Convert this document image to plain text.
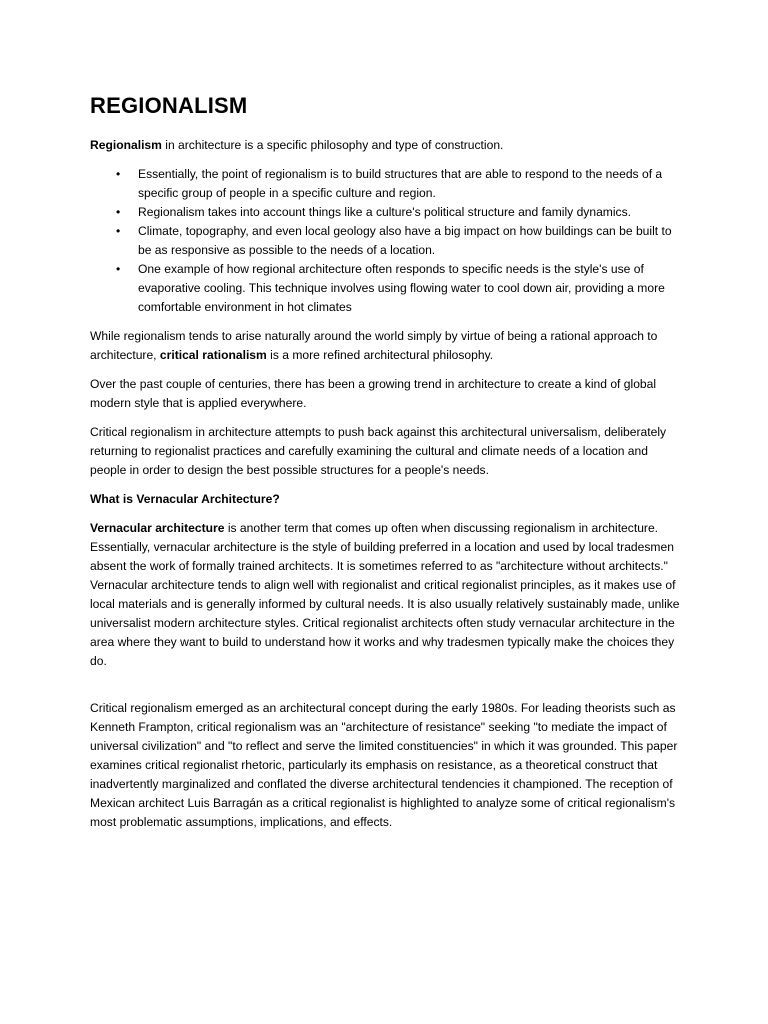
REGIONALISM

Regionalism in architecture is a specific philosophy and type of construction.

• Essentially, the point of regionalism is to build structures that are able to respond to the needs of a specific group of people in a specific culture and region.
• Regionalism takes into account things like a culture's political structure and family dynamics.
• Climate, topography, and even local geology also have a big impact on how buildings can be built to be as responsive as possible to the needs of a location.
• One example of how regional architecture often responds to specific needs is the style's use of evaporative cooling. This technique involves using flowing water to cool down air, providing a more comfortable environment in hot climates

While regionalism tends to arise naturally around the world simply by virtue of being a rational approach to architecture, critical rationalism is a more refined architectural philosophy.

Over the past couple of centuries, there has been a growing trend in architecture to create a kind of global modern style that is applied everywhere.

Critical regionalism in architecture attempts to push back against this architectural universalism, deliberately returning to regionalist practices and carefully examining the cultural and climate needs of a location and people in order to design the best possible structures for a people's needs.

What is Vernacular Architecture?

Vernacular architecture is another term that comes up often when discussing regionalism in architecture. Essentially, vernacular architecture is the style of building preferred in a location and used by local tradesmen absent the work of formally trained architects. It is sometimes referred to as "architecture without architects." Vernacular architecture tends to align well with regionalist and critical regionalist principles, as it makes use of local materials and is generally informed by cultural needs. It is also usually relatively sustainably made, unlike universalist modern architecture styles. Critical regionalist architects often study vernacular architecture in the area where they want to build to understand how it works and why tradesmen typically make the choices they do.

Critical regionalism emerged as an architectural concept during the early 1980s. For leading theorists such as Kenneth Frampton, critical regionalism was an "architecture of resistance" seeking "to mediate the impact of universal civilization" and "to reflect and serve the limited constituencies" in which it was grounded. This paper examines critical regionalist rhetoric, particularly its emphasis on resistance, as a theoretical construct that inadvertently marginalized and conflated the diverse architectural tendencies it championed. The reception of Mexican architect Luis Barragán as a critical regionalist is highlighted to analyze some of critical regionalism's most problematic assumptions, implications, and effects.
